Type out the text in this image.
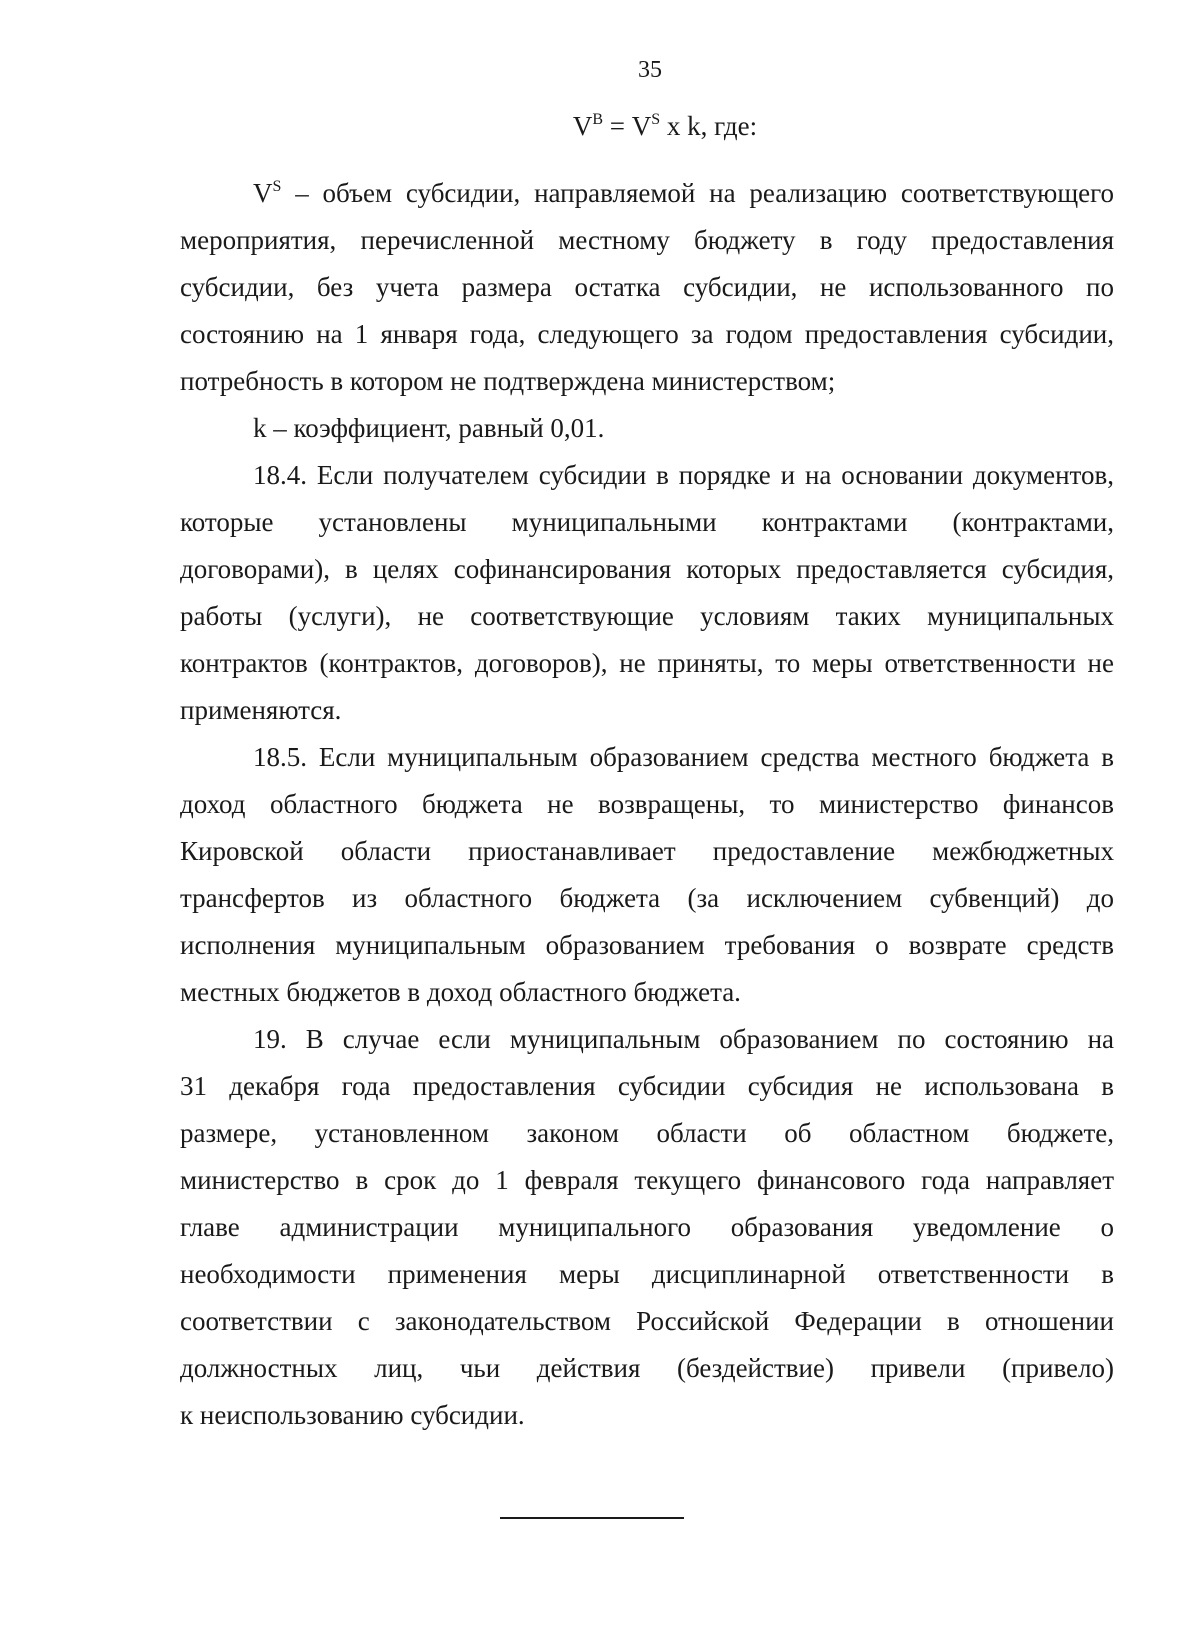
35
$V^В = V^S$ x k, где:
$V^S$ – объем субсидии, направляемой на реализацию соответствующего
мероприятия, перечисленной местному бюджету в году предоставления
субсидии, без учета размера остатка субсидии, не использованного по
состоянию на 1 января года, следующего за годом предоставления субсидии,
потребность в котором не подтверждена министерством;
k – коэффициент, равный 0,01.
18.4. Если получателем субсидии в порядке и на основании документов,
которые установлены муниципальными контрактами (контрактами,
договорами), в целях софинансирования которых предоставляется субсидия,
работы (услуги), не соответствующие условиям таких муниципальных
контрактов (контрактов, договоров), не приняты, то меры ответственности не
применяются.
18.5. Если муниципальным образованием средства местного бюджета в
доход областного бюджета не возвращены, то министерство финансов
Кировской области приостанавливает предоставление межбюджетных
трансфертов из областного бюджета (за исключением субвенций) до
исполнения муниципальным образованием требования о возврате средств
местных бюджетов в доход областного бюджета.
19. В случае если муниципальным образованием по состоянию на
31 декабря года предоставления субсидии субсидия не использована в
размере, установленном законом области об областном бюджете,
министерство в срок до 1 февраля текущего финансового года направляет
главе администрации муниципального образования уведомление о
необходимости применения меры дисциплинарной ответственности в
соответствии с законодательством Российской Федерации в отношении
должностных лиц, чьи действия (бездействие) привели (привело)
к неиспользованию субсидии.
